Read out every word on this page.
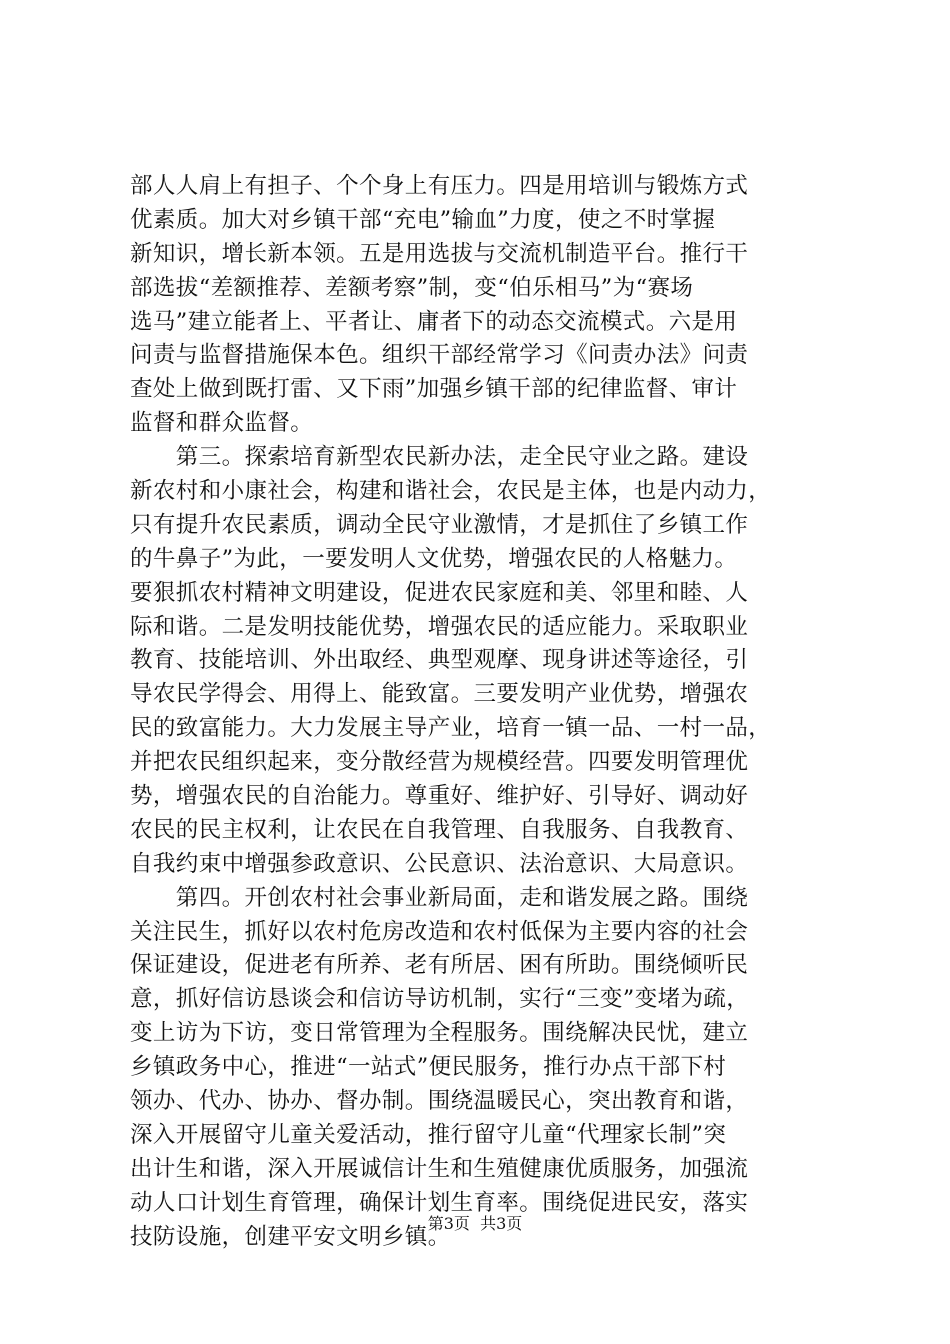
部人人肩上有担子、个个身上有压力。四是用培训与锻炼方式
优素质。加大对乡镇干部“充电”输血”力度，使之不时掌握
新知识，增长新本领。五是用选拔与交流机制造平台。推行干
部选拔“差额推荐、差额考察”制，变“伯乐相马”为“赛场
选马”建立能者上、平者让、庸者下的动态交流模式。六是用
问责与监督措施保本色。组织干部经常学习《问责办法》问责
查处上做到既打雷、又下雨”加强乡镇干部的纪律监督、审计
监督和群众监督。
　　第三。探索培育新型农民新办法，走全民守业之路。建设
新农村和小康社会，构建和谐社会，农民是主体，也是内动力，
只有提升农民素质，调动全民守业激情，才是抓住了乡镇工作
的牛鼻子”为此，一要发明人文优势，增强农民的人格魅力。
要狠抓农村精神文明建设，促进农民家庭和美、邻里和睦、人
际和谐。二是发明技能优势，增强农民的适应能力。采取职业
教育、技能培训、外出取经、典型观摩、现身讲述等途径，引
导农民学得会、用得上、能致富。三要发明产业优势，增强农
民的致富能力。大力发展主导产业，培育一镇一品、一村一品，
并把农民组织起来，变分散经营为规模经营。四要发明管理优
势，增强农民的自治能力。尊重好、维护好、引导好、调动好
农民的民主权利，让农民在自我管理、自我服务、自我教育、
自我约束中增强参政意识、公民意识、法治意识、大局意识。
　　第四。开创农村社会事业新局面，走和谐发展之路。围绕
关注民生，抓好以农村危房改造和农村低保为主要内容的社会
保证建设，促进老有所养、老有所居、困有所助。围绕倾听民
意，抓好信访恳谈会和信访导访机制，实行“三变”变堵为疏，
变上访为下访，变日常管理为全程服务。围绕解决民忧，建立
乡镇政务中心，推进“一站式”便民服务，推行办点干部下村
领办、代办、协办、督办制。围绕温暖民心，突出教育和谐，
深入开展留守儿童关爱活动，推行留守儿童“代理家长制”突
出计生和谐，深入开展诚信计生和生殖健康优质服务，加强流
动人口计划生育管理，确保计划生育率。围绕促进民安，落实
技防设施，创建平安文明乡镇。
第3页  共3页
